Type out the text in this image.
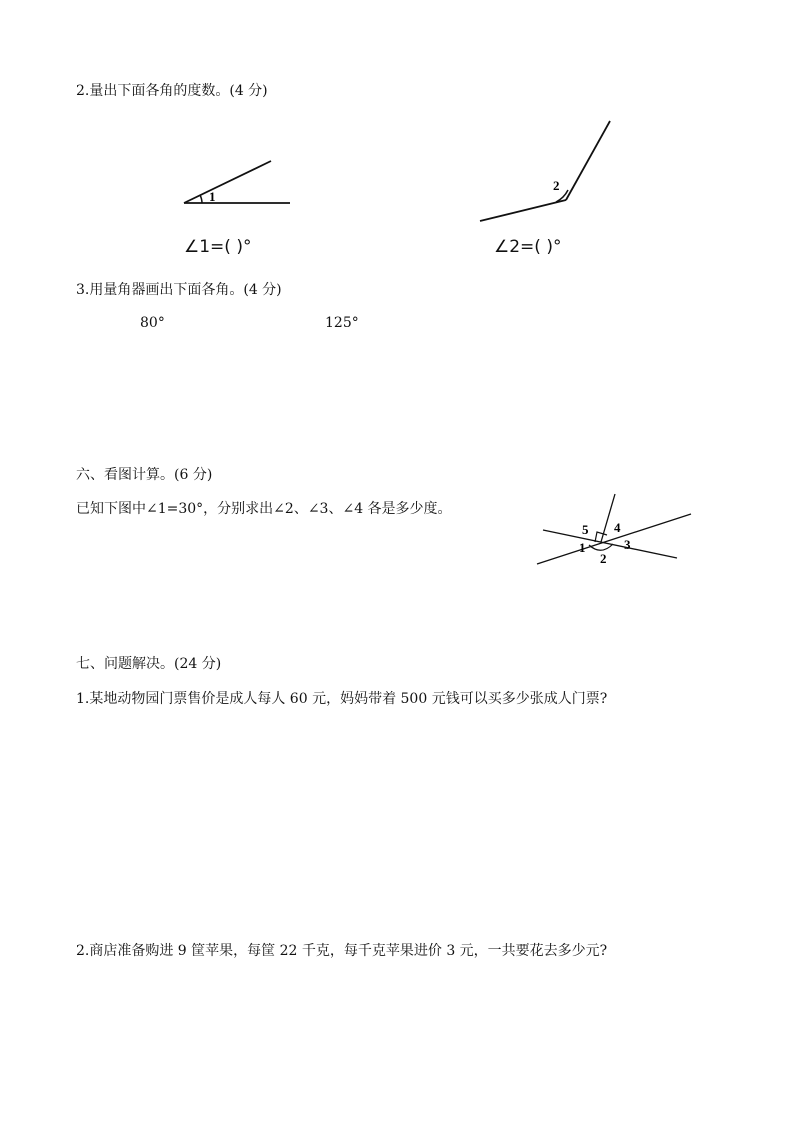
2.量出下面各角的度数。(4 分)
1
2
∠1=( )°	∠2=( )°
3.用量角器画出下面各角。(4 分)
80°	125°
六、看图计算。(6 分)
已知下图中∠1=30°，分别求出∠2、∠3、∠4 各是多少度。
5 4
1	3
2
七、问题解决。(24 分)
1.某地动物园门票售价是成人每人 60 元，妈妈带着 500 元钱可以买多少张成人门票?
2.商店准备购进 9 筐苹果，每筐 22 千克，每千克苹果进价 3 元，一共要花去多少元?
